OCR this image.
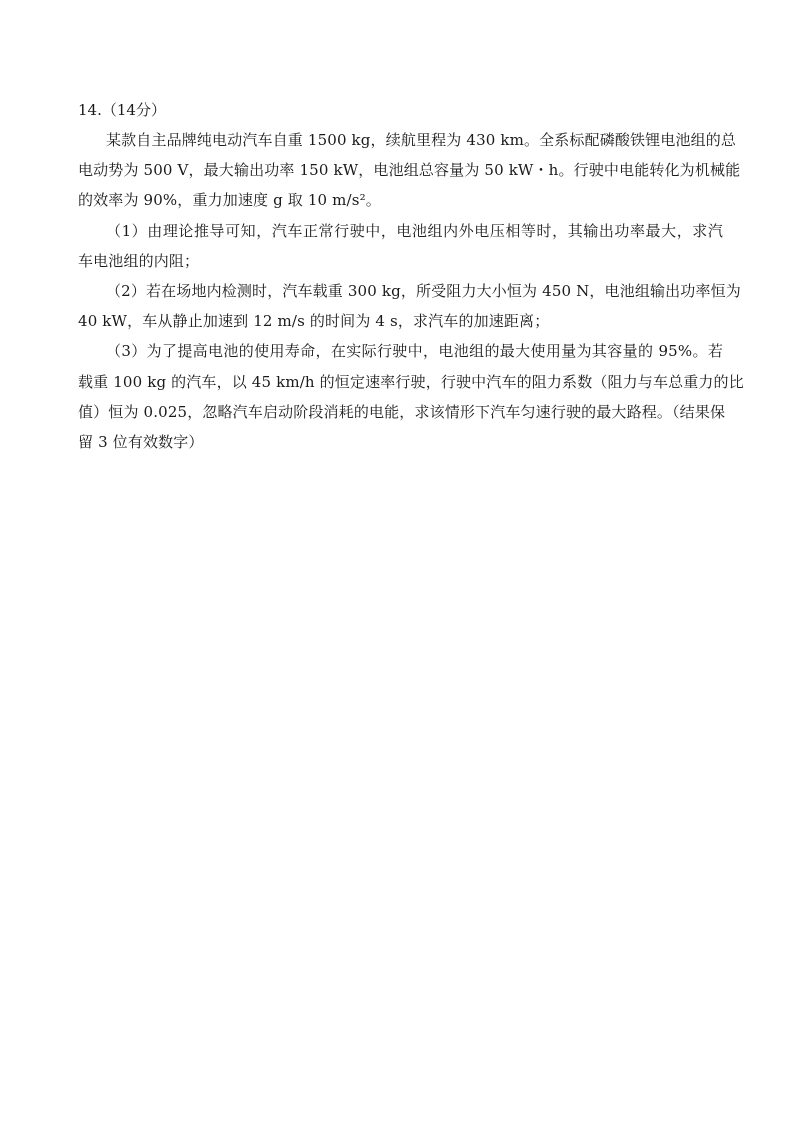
14.（14分）
某款自主品牌纯电动汽车自重 1500 kg，续航里程为 430 km。全系标配磷酸铁锂电池组的总
电动势为 500 V，最大输出功率 150 kW，电池组总容量为 50 kW・h。行驶中电能转化为机械能
的效率为 90%，重力加速度 g 取 10 m/s²。
（1）由理论推导可知，汽车正常行驶中，电池组内外电压相等时，其输出功率最大，求汽
车电池组的内阻；
（2）若在场地内检测时，汽车载重 300 kg，所受阻力大小恒为 450 N，电池组输出功率恒为
40 kW，车从静止加速到 12 m/s 的时间为 4 s，求汽车的加速距离；
（3）为了提高电池的使用寿命，在实际行驶中，电池组的最大使用量为其容量的 95%。若
载重 100 kg 的汽车，以 45 km/h 的恒定速率行驶，行驶中汽车的阻力系数（阻力与车总重力的比
值）恒为 0.025，忽略汽车启动阶段消耗的电能，求该情形下汽车匀速行驶的最大路程。（结果保
留 3 位有效数字）
